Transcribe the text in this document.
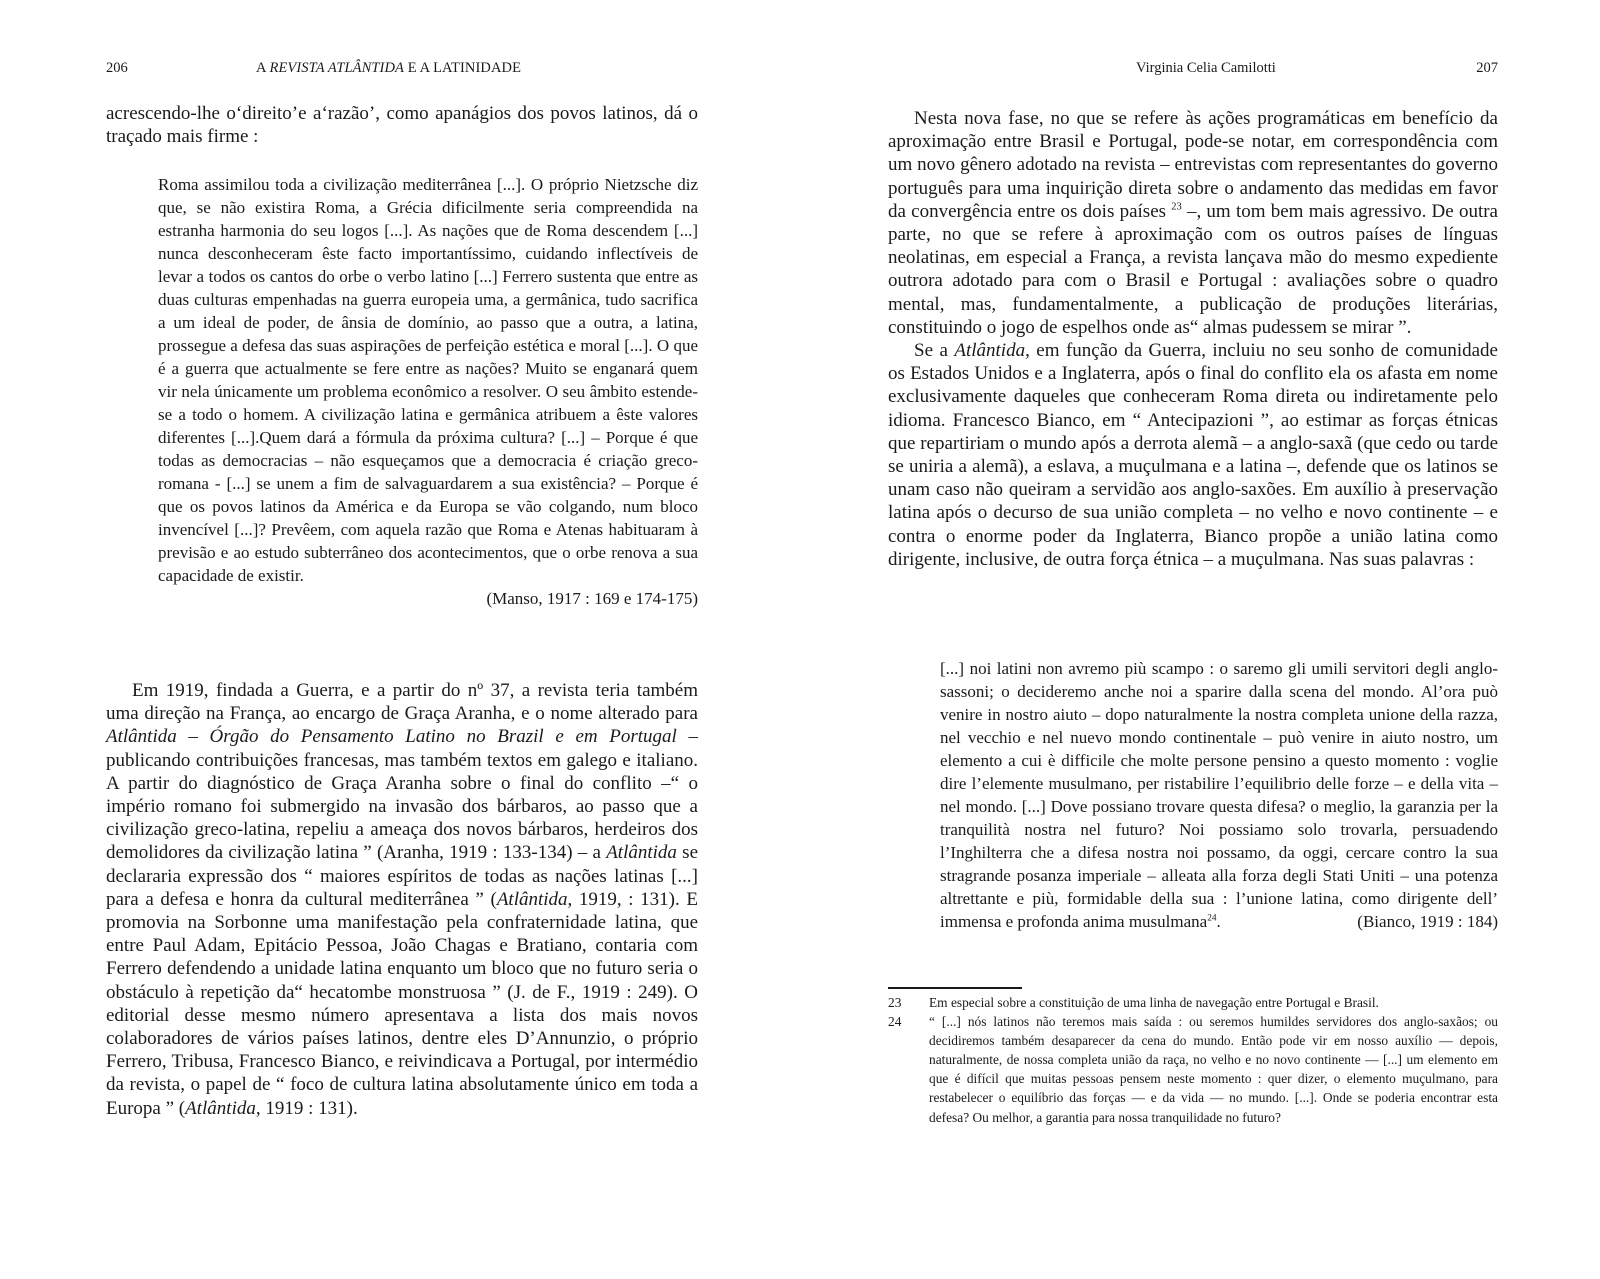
206	A REVISTA ATLÂNTIDA E A LATINIDADE

acrescendo-lhe o‘direito’e a‘razão’, como apanágios dos povos latinos, dá o traçado mais firme :

Roma assimilou toda a civilização mediterrânea [...]. O próprio Nietzsche diz que, se não existira Roma, a Grécia dificilmente seria compreendida na estranha harmonia do seu logos [...]. As nações que de Roma descendem [...] nunca desconheceram êste facto importantíssimo, cuidando inflectíveis de levar a todos os cantos do orbe o verbo latino [...] Ferrero sustenta que entre as duas culturas empenhadas na guerra europeia uma, a germânica, tudo sacrifica a um ideal de poder, de ânsia de domínio, ao passo que a outra, a latina, prossegue a defesa das suas aspirações de perfeição estética e moral [...]. O que é a guerra que actualmente se fere entre as nações? Muito se enganará quem vir nela únicamente um problema econômico a resolver. O seu âmbito estende-se a todo o homem. A civilização latina e germânica atribuem a êste valores diferentes [...].Quem dará a fórmula da próxima cultura? [...] – Porque é que todas as democracias – não esqueçamos que a democracia é criação greco-romana - [...] se unem a fim de salvaguardarem a sua existência? – Porque é que os povos latinos da América e da Europa se vão colgando, num bloco invencível [...]? Prevêem, com aquela razão que Roma e Atenas habituaram à previsão e ao estudo subterrâneo dos acontecimentos, que o orbe renova a sua capacidade de existir.

(Manso, 1917 : 169 e 174-175)

Em 1919, findada a Guerra, e a partir do nº 37, a revista teria também uma direção na França, ao encargo de Graça Aranha, e o nome alterado para Atlântida – Órgão do Pensamento Latino no Brazil e em Portugal – publicando contribuições francesas, mas também textos em galego e italiano. A partir do diagnóstico de Graça Aranha sobre o final do conflito –“ o império romano foi submergido na invasão dos bárbaros, ao passo que a civilização greco-latina, repeliu a ameaça dos novos bárbaros, herdeiros dos demolidores da civilização latina ” (Aranha, 1919 : 133-134) – a Atlântida se declararia expressão dos “ maiores espíritos de todas as nações latinas [...] para a defesa e honra da cultural mediterrânea ” (Atlântida, 1919, : 131). E promovia na Sorbonne uma manifestação pela confraternidade latina, que entre Paul Adam, Epitácio Pessoa, João Chagas e Bratiano, contaria com Ferrero defendendo a unidade latina enquanto um bloco que no futuro seria o obstáculo à repetição da“ hecatombe monstruosa ” (J. de F., 1919 : 249). O editorial desse mesmo número apresentava a lista dos mais novos colaboradores de vários países latinos, dentre eles D’Annunzio, o próprio Ferrero, Tribusa, Francesco Bianco, e reivindicava a Portugal, por intermédio da revista, o papel de “ foco de cultura latina absolutamente único em toda a Europa ” (Atlântida, 1919 : 131).

Virginia Celia Camilotti	207

Nesta nova fase, no que se refere às ações programáticas em benefício da aproximação entre Brasil e Portugal, pode-se notar, em correspondência com um novo gênero adotado na revista – entrevistas com representantes do governo português para uma inquirição direta sobre o andamento das medidas em favor da convergência entre os dois países $^{23}$ –, um tom bem mais agressivo. De outra parte, no que se refere à aproximação com os outros países de línguas neolatinas, em especial a França, a revista lançava mão do mesmo expediente outrora adotado para com o Brasil e Portugal : avaliações sobre o quadro mental, mas, fundamentalmente, a publicação de produções literárias, constituindo o jogo de espelhos onde as“ almas pudessem se mirar ”.

Se a Atlântida, em função da Guerra, incluiu no seu sonho de comunidade os Estados Unidos e a Inglaterra, após o final do conflito ela os afasta em nome exclusivamente daqueles que conheceram Roma direta ou indiretamente pelo idioma. Francesco Bianco, em “ Antecipazioni ”, ao estimar as forças étnicas que repartiriam o mundo após a derrota alemã – a anglo-saxã (que cedo ou tarde se uniria a alemã), a eslava, a muçulmana e a latina –, defende que os latinos se unam caso não queiram a servidão aos anglo-saxões. Em auxílio à preservação latina após o decurso de sua união completa – no velho e novo continente – e contra o enorme poder da Inglaterra, Bianco propõe a união latina como dirigente, inclusive, de outra força étnica – a muçulmana. Nas suas palavras :

[...] noi latini non avremo più scampo : o saremo gli umili servitori degli anglo-sassoni; o decideremo anche noi a sparire dalla scena del mondo. Al’ora può venire in nostro aiuto – dopo naturalmente la nostra completa unione della razza, nel vecchio e nel nuevo mondo continentale – può venire in aiuto nostro, um elemento a cui è difficile che molte persone pensino a questo momento : voglie dire l’elemente musulmano, per ristabilire l’equilibrio delle forze – e della vita – nel mondo. [...] Dove possiano trovare questa difesa? o meglio, la garanzia per la tranquilità nostra nel futuro? Noi possiamo solo trovarla, persuadendo l’Inghilterra che a difesa nostra noi possamo, da oggi, cercare contro la sua stragrande posanza imperiale – alleata alla forza degli Stati Uniti – una potenza altrettante e più, formidable della sua : l’unione latina, como dirigente dell’ immensa e profonda anima musulmana$^{24}$.	(Bianco, 1919 : 184)

23	Em especial sobre a constituição de uma linha de navegação entre Portugal e Brasil.
24	“ [...] nós latinos não teremos mais saída : ou seremos humildes servidores dos anglo-saxãos; ou decidiremos também desaparecer da cena do mundo. Então pode vir em nosso auxílio — depois, naturalmente, de nossa completa união da raça, no velho e no novo continente — [...] um elemento em que é difícil que muitas pessoas pensem neste momento : quer dizer, o elemento muçulmano, para restabelecer o equilíbrio das forças — e da vida — no mundo. [...]. Onde se poderia encontrar esta defesa? Ou melhor, a garantia para nossa tranquilidade no futuro?
